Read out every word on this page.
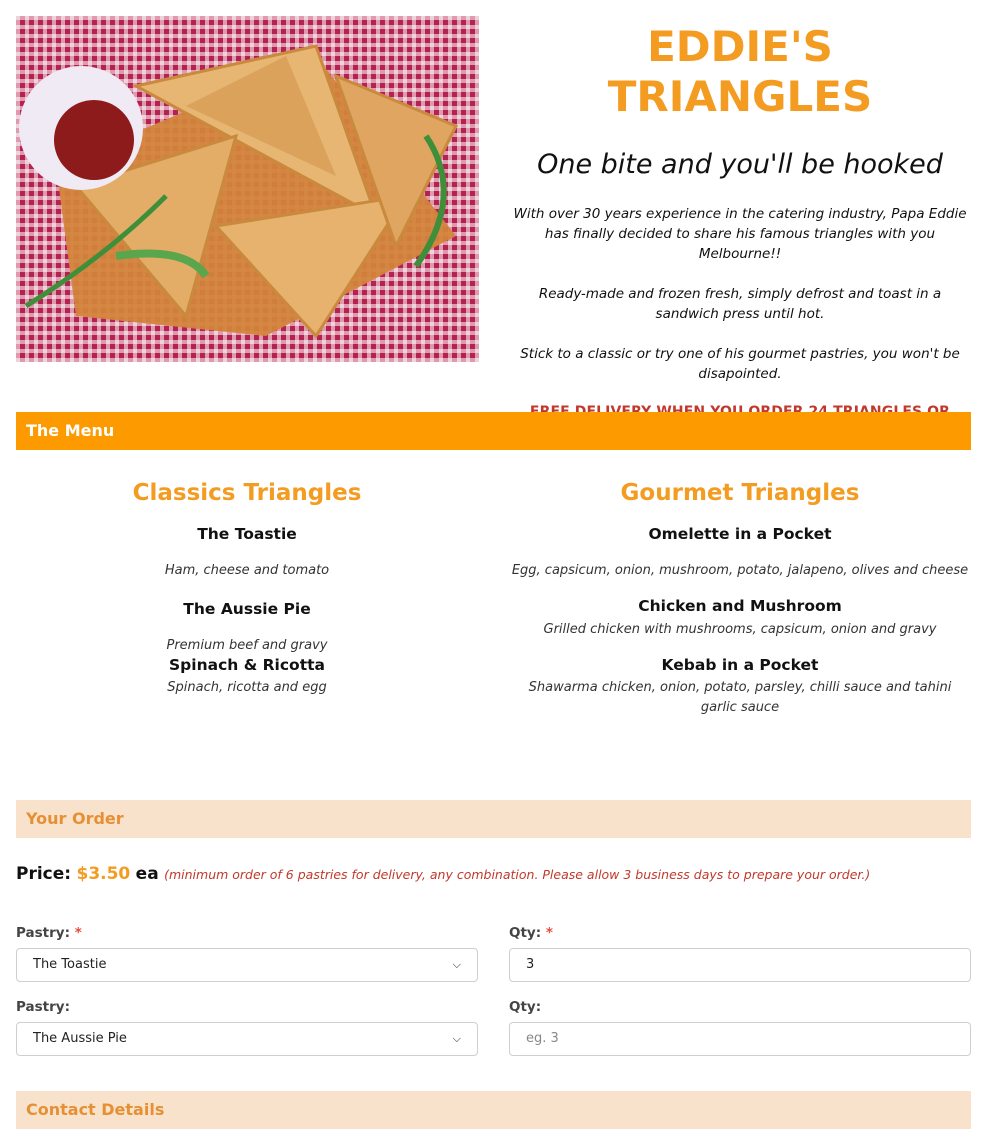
EDDIE'S TRIANGLES
One bite and you'll be hooked
With over 30 years experience in the catering industry, Papa Eddie has finally decided to share his famous triangles with you Melbourne!!
Ready-made and frozen fresh, simply defrost and toast in a sandwich press until hot.
Stick to a classic or try one of his gourmet pastries, you won't be disapointed.
The Menu
Classics Triangles
The Toastie
Ham, cheese and tomato
The Aussie Pie
Premium beef and gravy
Spinach & Ricotta
Spinach, ricotta and egg
Gourmet Triangles
Omelette in a Pocket
Egg, capsicum, onion, mushroom, potato, jalapeno, olives and cheese
Chicken and Mushroom
Grilled chicken with mushrooms, capsicum, onion and gravy
Kebab in a Pocket
Shawarma chicken, onion, potato, parsley, chilli sauce and tahini garlic sauce
Your Order
Price: $3.50 ea (minimum order of 6 pastries for delivery, any combination. Please allow 3 business days to prepare your order.)
Pastry: *
The Toastie	⌵
Qty: *
3
Pastry:
The Aussie Pie	⌵
Qty:
eg. 3
Contact Details
